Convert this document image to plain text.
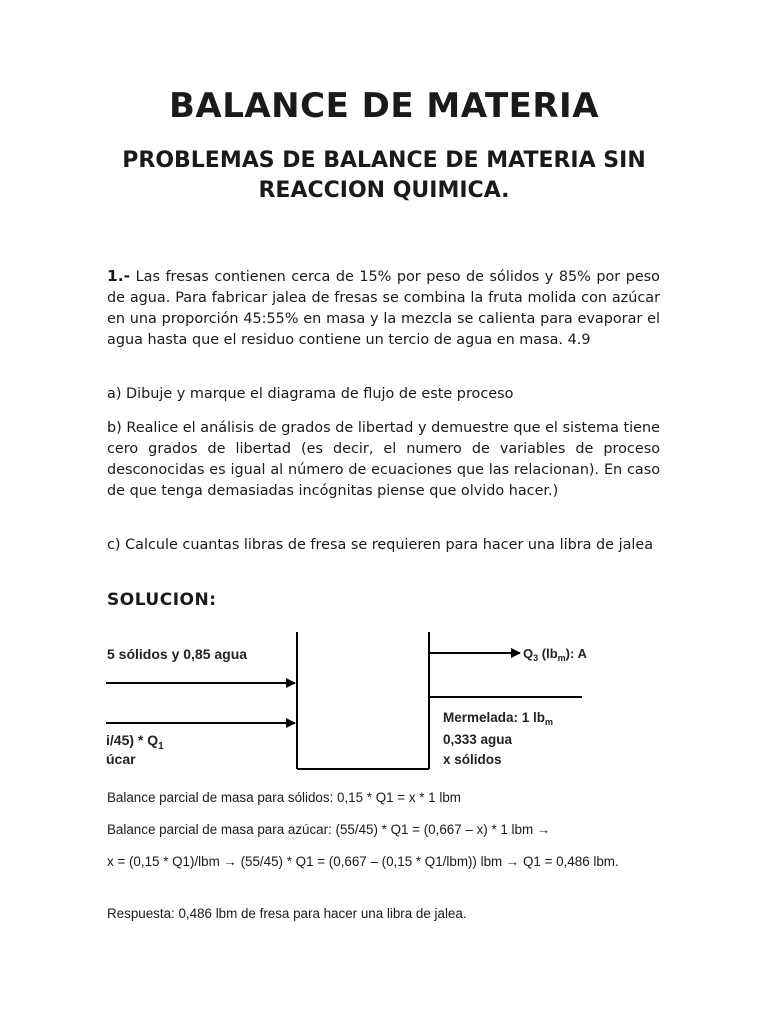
BALANCE DE MATERIA
PROBLEMAS DE BALANCE DE MATERIA SIN REACCION QUIMICA.

1.- Las fresas contienen cerca de 15% por peso de sólidos y 85% por peso de agua. Para fabricar jalea de fresas se combina la fruta molida con azúcar en una proporción 45:55% en masa y la mezcla se calienta para evaporar el agua hasta que el residuo contiene un tercio de agua en masa. 4.9

a) Dibuje y marque el diagrama de flujo de este proceso

b) Realice el análisis de grados de libertad y demuestre que el sistema tiene cero grados de libertad (es decir, el numero de variables de proceso desconocidas es igual al número de ecuaciones que las relacionan). En caso de que tenga demasiadas incógnitas piense que olvido hacer.)

c) Calcule cuantas libras de fresa se requieren para hacer una libra de jalea

SOLUCION:

5 sólidos y 0,85 agua
$i/45) * Q_1$
úcar
$Q_3$ $(lb_m)$: A
Mermelada: 1 $lb_m$
0,333 agua
x sólidos

Balance parcial de masa para sólidos: 0,15 * Q1 = x * 1 lbm

Balance parcial de masa para azúcar: (55/45) * Q1 = (0,667 – x) * 1 lbm →

x = (0,15 * Q1)/lbm → (55/45) * Q1 = (0,667 – (0,15 * Q1/lbm)) lbm → Q1 = 0,486 lbm.

Respuesta: 0,486 lbm de fresa para hacer una libra de jalea.
